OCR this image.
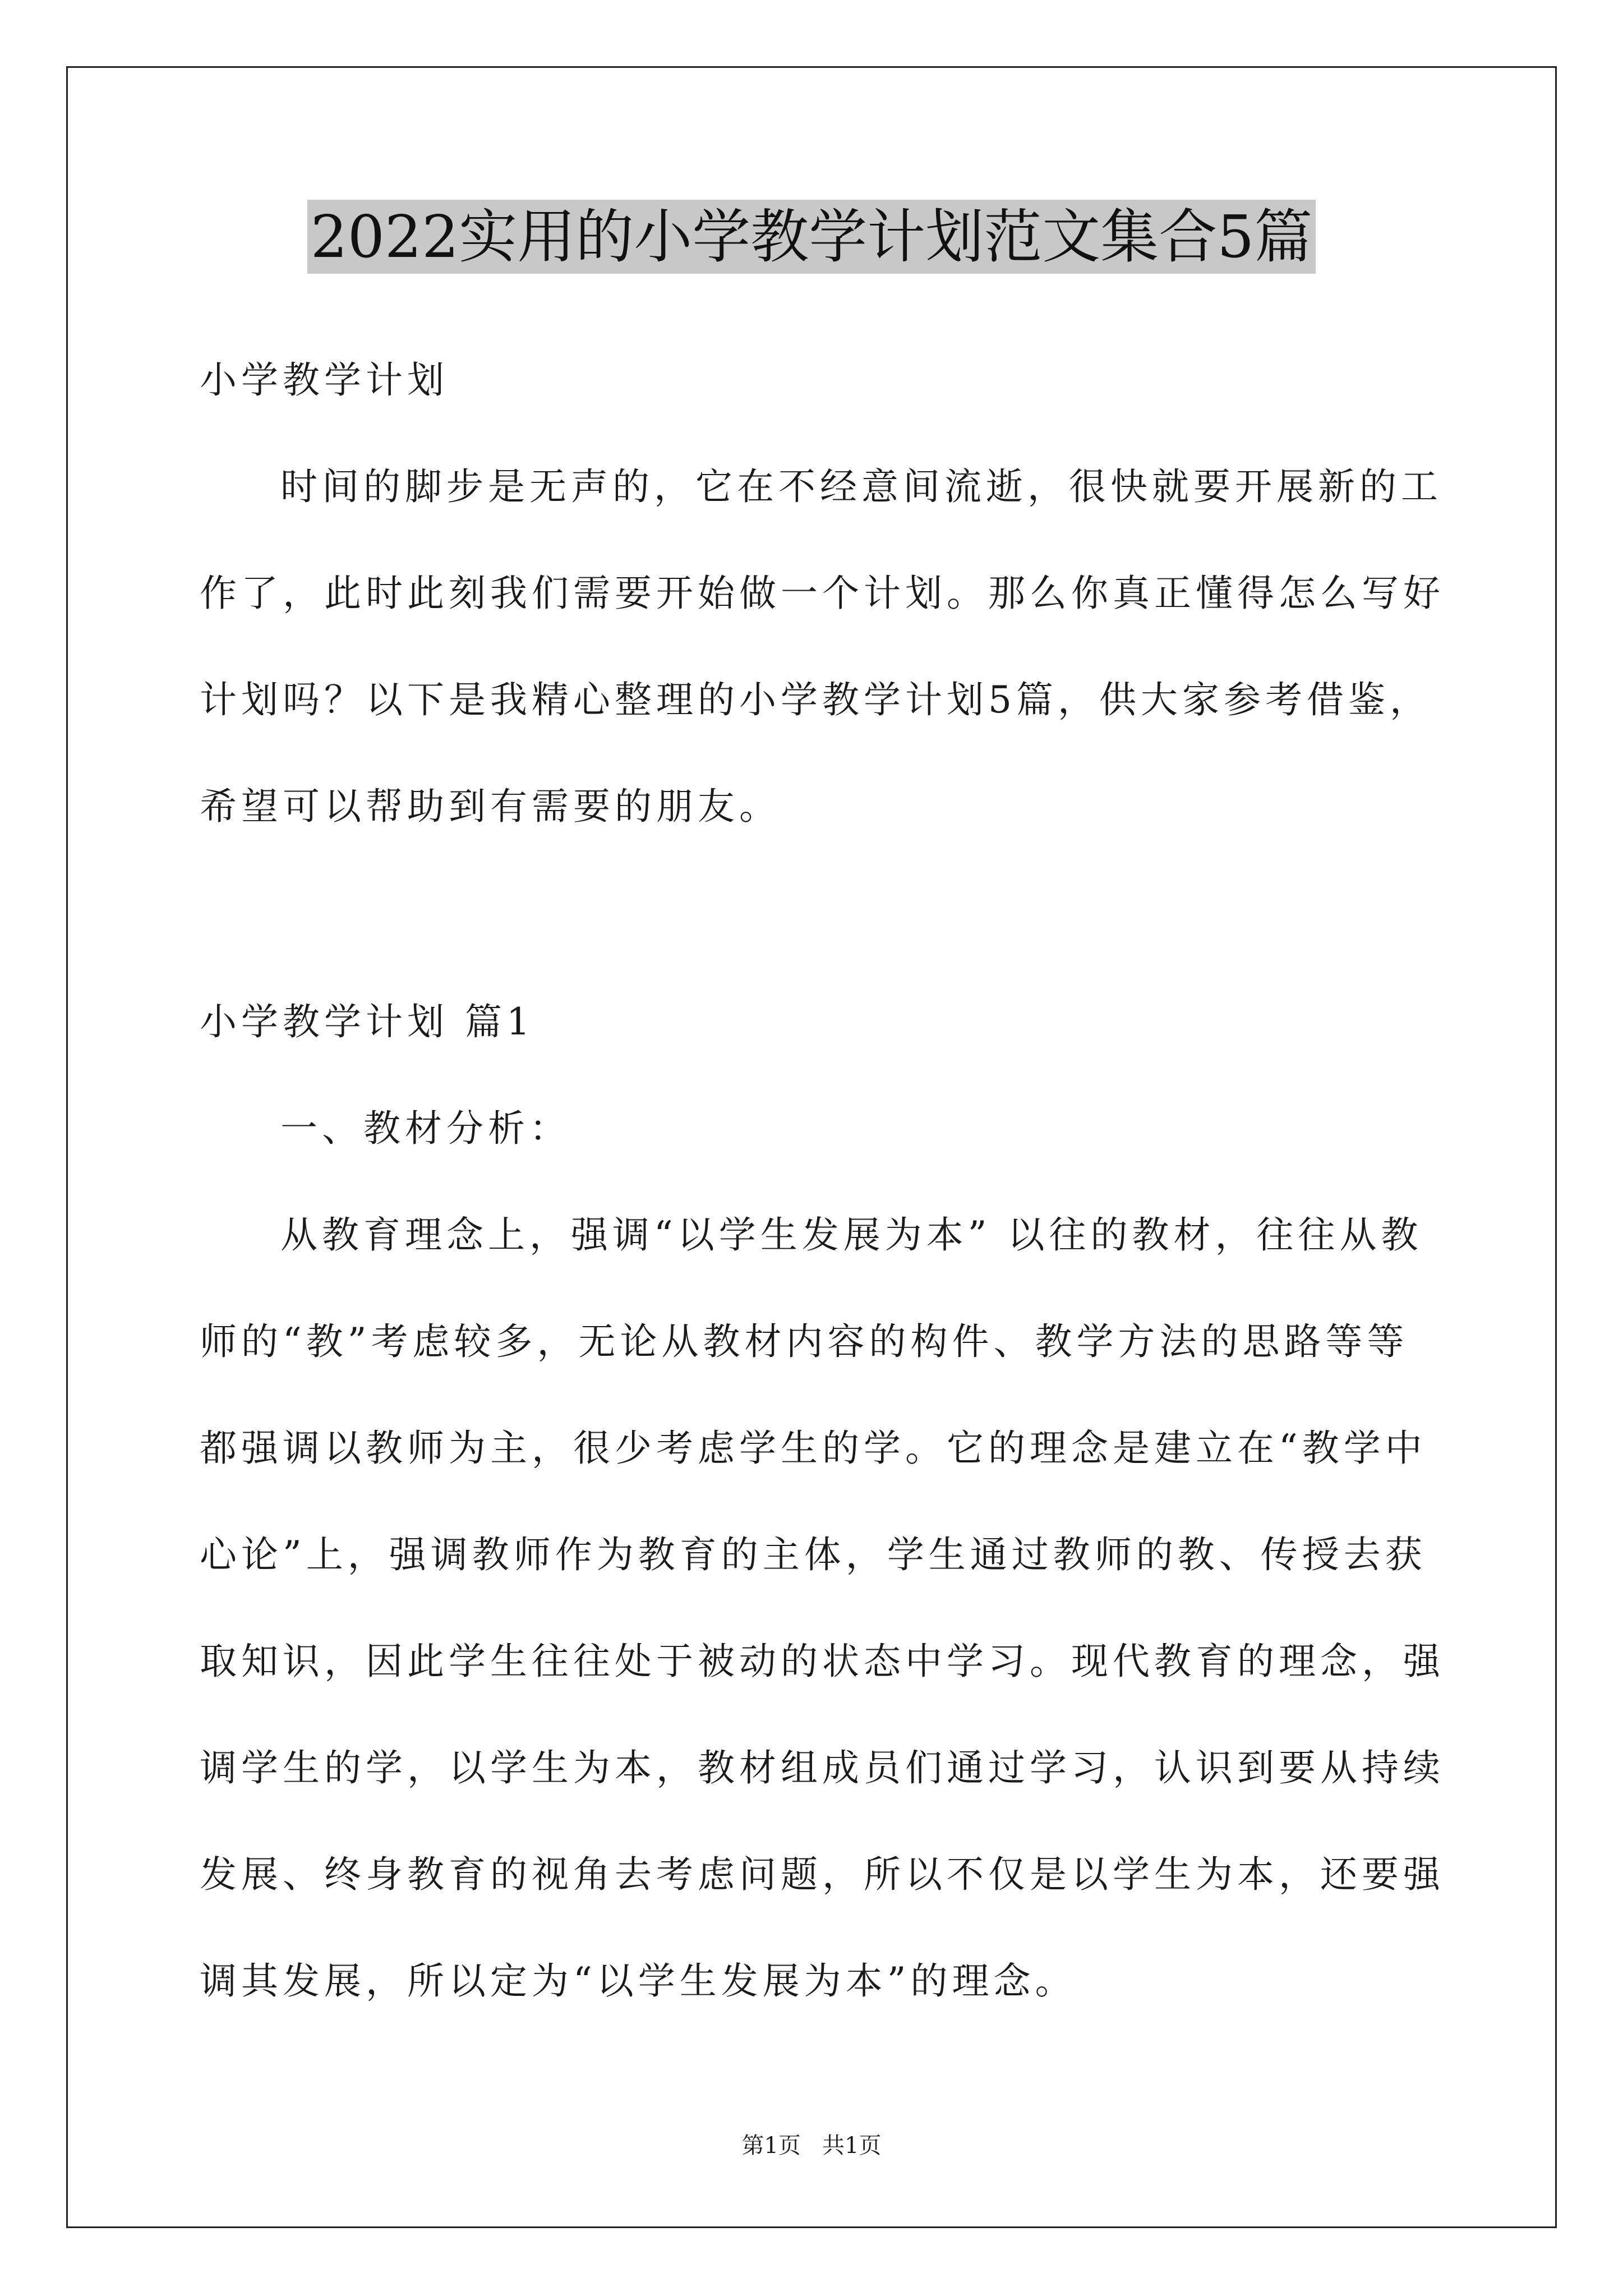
2022实用的小学教学计划范文集合5篇
小学教学计划
时间的脚步是无声的，它在不经意间流逝，很快就要开展新的工
作了，此时此刻我们需要开始做一个计划。那么你真正懂得怎么写好
计划吗？以下是我精心整理的小学教学计划5篇，供大家参考借鉴，
希望可以帮助到有需要的朋友。
小学教学计划 篇1
一、教材分析：
从教育理念上，强调“以学生发展为本” 以往的教材，往往从教
师的“教”考虑较多，无论从教材内容的构件、教学方法的思路等等
都强调以教师为主，很少考虑学生的学。它的理念是建立在“教学中
心论”上，强调教师作为教育的主体，学生通过教师的教、传授去获
取知识，因此学生往往处于被动的状态中学习。现代教育的理念，强
调学生的学，以学生为本，教材组成员们通过学习，认识到要从持续
发展、终身教育的视角去考虑问题，所以不仅是以学生为本，还要强
调其发展，所以定为“以学生发展为本”的理念。
第1页   共1页
